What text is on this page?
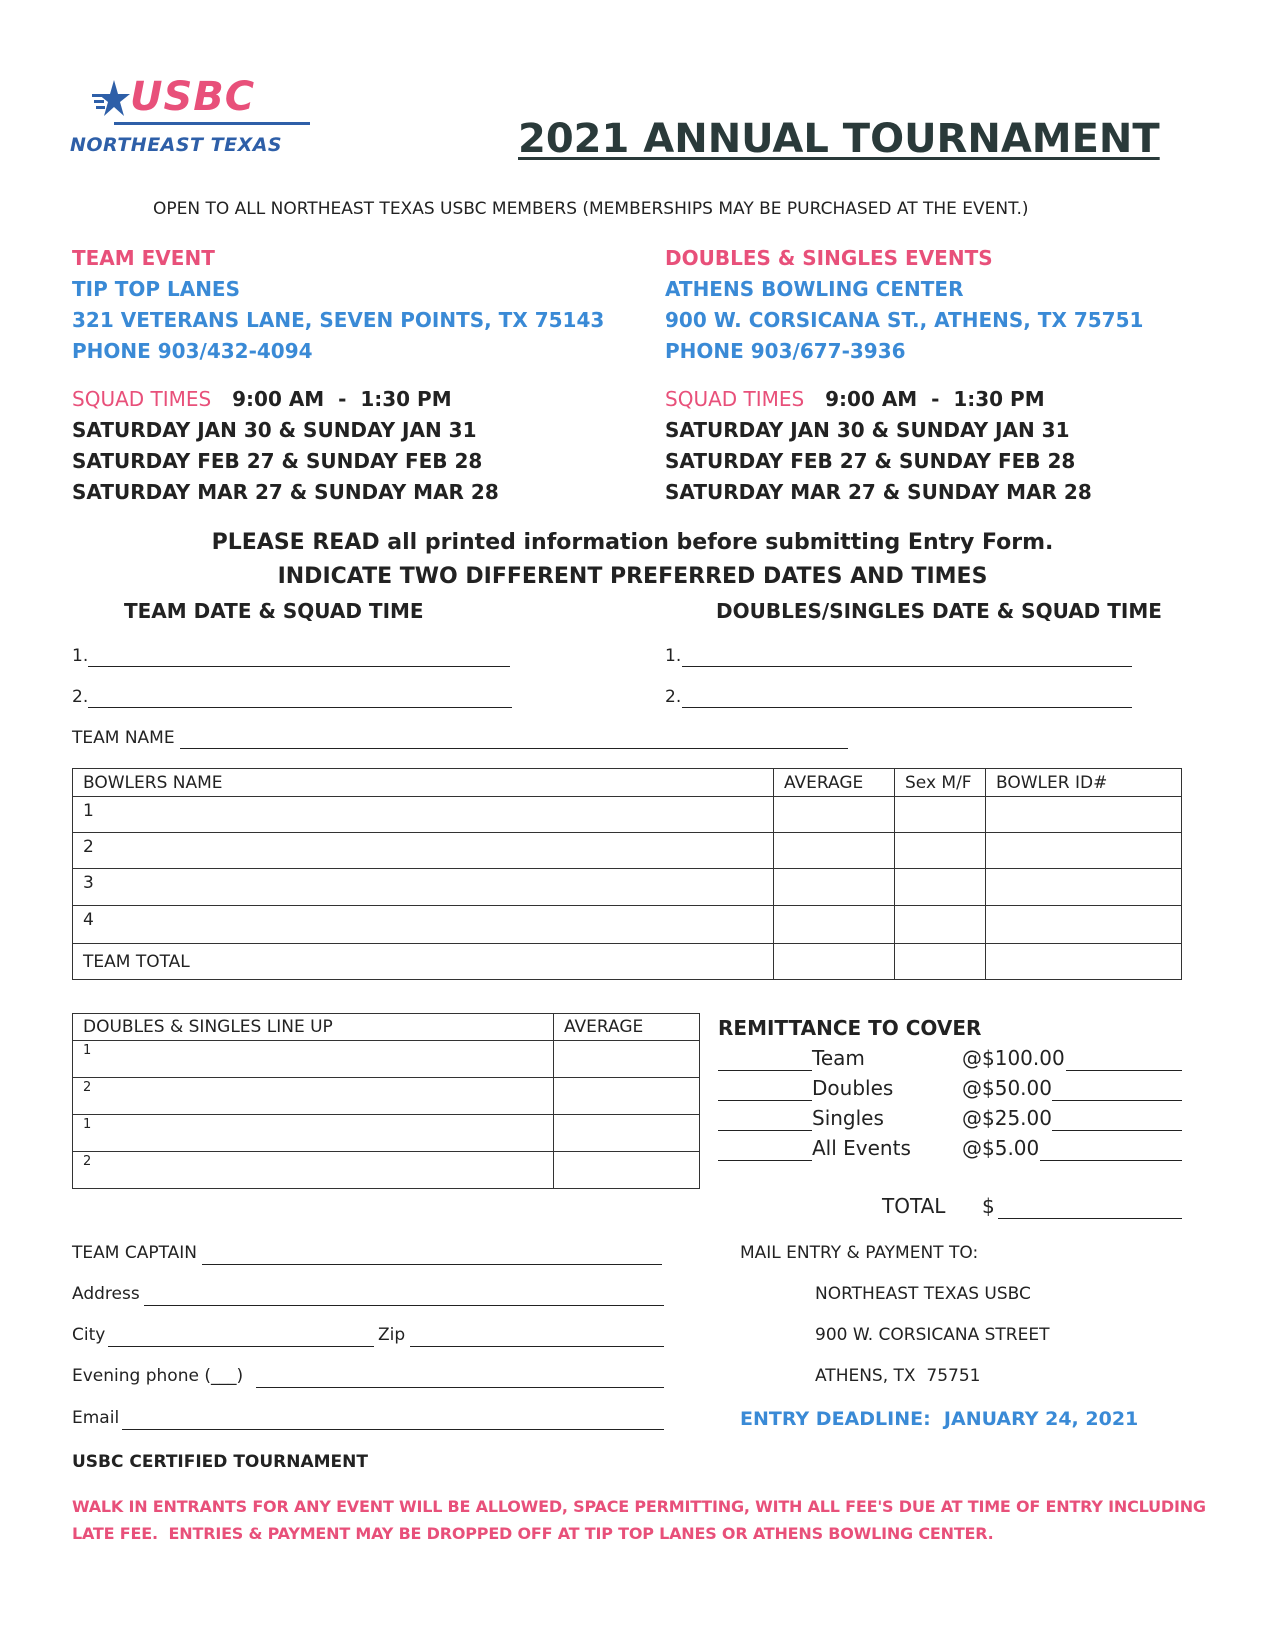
USBC
NORTHEAST TEXAS	2021 ANNUAL TOURNAMENT
OPEN TO ALL NORTHEAST TEXAS USBC MEMBERS (MEMBERSHIPS MAY BE PURCHASED AT THE EVENT.)
TEAM EVENT
TIP TOP LANES
321 VETERANS LANE, SEVEN POINTS, TX 75143
PHONE 903/432-4094
SQUAD TIMES 9:00 AM  -  1:30 PM
SATURDAY JAN 30 & SUNDAY JAN 31
SATURDAY FEB 27 & SUNDAY FEB 28
SATURDAY MAR 27 & SUNDAY MAR 28
DOUBLES & SINGLES EVENTS
ATHENS BOWLING CENTER
900 W. CORSICANA ST., ATHENS, TX 75751
PHONE 903/677-3936
SQUAD TIMES 9:00 AM  -  1:30 PM
SATURDAY JAN 30 & SUNDAY JAN 31
SATURDAY FEB 27 & SUNDAY FEB 28
SATURDAY MAR 27 & SUNDAY MAR 28
PLEASE READ all printed information before submitting Entry Form.
INDICATE TWO DIFFERENT PREFERRED DATES AND TIMES
TEAM DATE & SQUAD TIME	DOUBLES/SINGLES DATE & SQUAD TIME
1.
2.
1.
2.
TEAM NAME
BOWLERS NAME	AVERAGE	Sex M/F	BOWLER ID#
1			
2			
3			
4			
TEAM TOTAL			
DOUBLES & SINGLES LINE UP	AVERAGE
1	
2	
1	
2	
REMITTANCE TO COVER
Team	@$100.00
Doubles	@$50.00
Singles	@$25.00
All Events	@$5.00
TOTAL $
TEAM CAPTAIN
Address
City	Zip
Evening phone (___)
Email
MAIL ENTRY & PAYMENT TO:
NORTHEAST TEXAS USBC
900 W. CORSICANA STREET
ATHENS, TX  75751
ENTRY DEADLINE:  JANUARY 24, 2021
USBC CERTIFIED TOURNAMENT
WALK IN ENTRANTS FOR ANY EVENT WILL BE ALLOWED, SPACE PERMITTING, WITH ALL FEE'S DUE AT TIME OF ENTRY INCLUDING
LATE FEE.  ENTRIES & PAYMENT MAY BE DROPPED OFF AT TIP TOP LANES OR ATHENS BOWLING CENTER.
